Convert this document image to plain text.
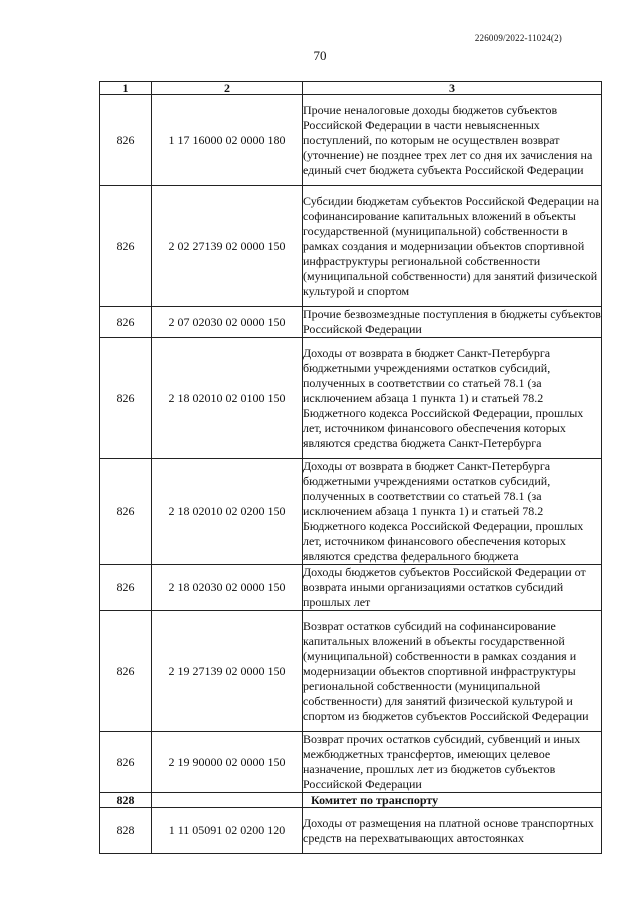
226009/2022-11024(2)
70
1	2	3
826	1 17 16000 02 0000 180	Прочие неналоговые доходы бюджетов субъектов Российской Федерации в части невыясненных поступлений, по которым не осуществлен возврат (уточнение) не позднее трех лет со дня их зачисления на единый счет бюджета субъекта Российской Федерации
826	2 02 27139 02 0000 150	Субсидии бюджетам субъектов Российской Федерации на софинансирование капитальных вложений в объекты государственной (муниципальной) собственности в рамках создания и модернизации объектов спортивной инфраструктуры региональной собственности (муниципальной собственности) для занятий физической культурой и спортом
826	2 07 02030 02 0000 150	Прочие безвозмездные поступления в бюджеты субъектов Российской Федерации
826	2 18 02010 02 0100 150	Доходы от возврата в бюджет Санкт-Петербурга бюджетными учреждениями остатков субсидий, полученных в соответствии со статьей 78.1 (за исключением абзаца 1 пункта 1) и статьей 78.2 Бюджетного кодекса Российской Федерации, прошлых лет, источником финансового обеспечения которых являются средства бюджета Санкт-Петербурга
826	2 18 02010 02 0200 150	Доходы от возврата в бюджет Санкт-Петербурга бюджетными учреждениями остатков субсидий, полученных в соответствии со статьей 78.1 (за исключением абзаца 1 пункта 1) и статьей 78.2 Бюджетного кодекса Российской Федерации, прошлых лет, источником финансового обеспечения которых являются средства федерального бюджета
826	2 18 02030 02 0000 150	Доходы бюджетов субъектов Российской Федерации от возврата иными организациями остатков субсидий прошлых лет
826	2 19 27139 02 0000 150	Возврат остатков субсидий на софинансирование капитальных вложений в объекты государственной (муниципальной) собственности в рамках создания и модернизации объектов спортивной инфраструктуры региональной собственности (муниципальной собственности) для занятий физической культурой и спортом из бюджетов субъектов Российской Федерации
826	2 19 90000 02 0000 150	Возврат прочих остатков субсидий, субвенций и иных межбюджетных трансфертов, имеющих целевое назначение, прошлых лет из бюджетов субъектов Российской Федерации
828		Комитет по транспорту
828	1 11 05091 02 0200 120	Доходы от размещения на платной основе транспортных средств на перехватывающих автостоянках
